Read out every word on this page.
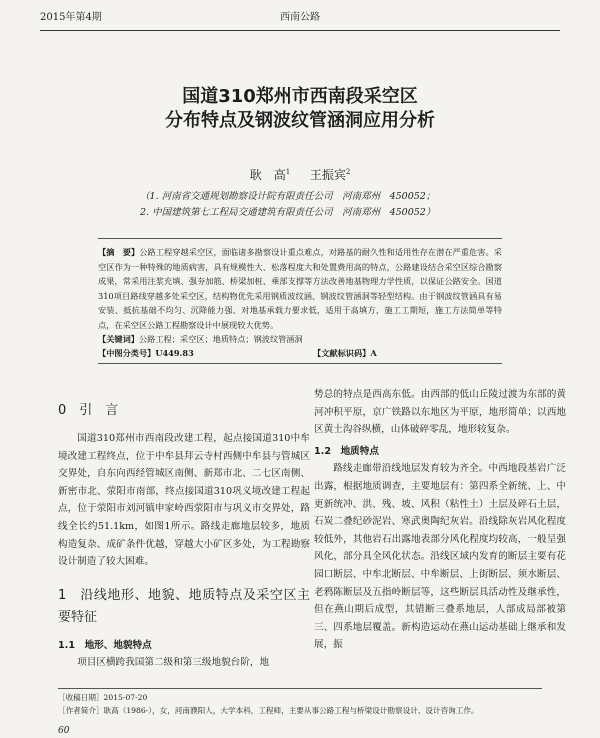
2015年第4期	西南公路
国道310郑州市西南段采空区
分布特点及钢波纹管涵洞应用分析
耿　高$^1$ 　 王振宾$^2$
（1. 河南省交通规划勘察设计院有限责任公司　河南郑州　450052；
2. 中国建筑第七工程局交通建筑有限责任公司　河南郑州　450052）
【摘　要】公路工程穿越采空区，面临诸多勘察设计重点难点，对路基的耐久性和适用性存在潜在严重危害。采空区作为一种特殊的地质病害，具有规模性大、松落程度大和处置费用高的特点，公路建设结合采空区综合勘察成果，常采用注浆充填、强夯加筋、桥梁加桩、乘部支撑等方法改善地基物理力学性质，以保证公路安全。国道310项目路线穿越多处采空区，结构物优先采用钢质波纹涵、钢波纹管涵洞等轻型结构。由于钢波纹管涵具有易安装、抵抗基础不均匀、沉降能力强、对地基承载力要求低，适用于高填方，施工工期短，施工方法简单等特点，在采空区公路工程勘察设计中展现较大优势。
【关键词】公路工程；采空区；地质特点；钢波纹管涵洞
【中图分类号】U449.83	【文献标识码】A
0　引　言

国道310郑州市西南段改建工程，起点接国道310中牟境改建工程终点，位于中牟县拜云寺村西侧中牟县与管城区交界处，自东向西经管城区南侧、新郑市北、二七区南侧、新密市北、荥阳市南部，终点接国道310巩义境改建工程起点，位于荥阳市刘河镇申家岭西荥阳市与巩义市交界处，路线全长约51.1km，如图1所示。路线走廊地层较多，地质构造复杂、成矿条件优越，穿越大小矿区多处，为工程勘察设计制造了较大困难。

1　沿线地形、地貌、地质特点及采空区主要特征
1.1　地形、地貌特点

项目区横跨我国第二级和第三级地貌台阶，地

势总的特点是西高东低。由西部的低山丘陵过渡为东部的黄河冲积平原，京广铁路以东地区为平原，地形简单；以西地区黄土沟谷纵横，山体破碎零乱，地形较复杂。

1.2　地质特点

路线走廊带沿线地层发育较为齐全。中西地段基岩广泛出露，根据地质调查，主要地层有：第四系全新统、上、中更新统冲、洪、残、坡、风积（粘性土）土层及碎石土层，石炭二叠纪砂泥岩、寒武奥陶纪灰岩。沿线除灰岩风化程度较低外，其他岩石出露地表部分风化程度均较高，一般呈强风化，部分具全风化状态。沿线区域内发育的断层主要有花园口断层、中牟北断层、中牟断层、上街断层、须水断层、老鸦陈断层及五指岭断层等，这些断层具活动性及继承性，但在燕山期后成型，其错断三叠系地层，人部成局部被第三、四系地层覆盖。新构造运动在燕山运动基础上继承和发展，振

［收稿日期］2015-07-20
［作者简介］耿高（1986-），女，河南濮阳人，大学本科，工程师，主要从事公路工程与桥梁设计勘察设计、设计咨询工作。
60
